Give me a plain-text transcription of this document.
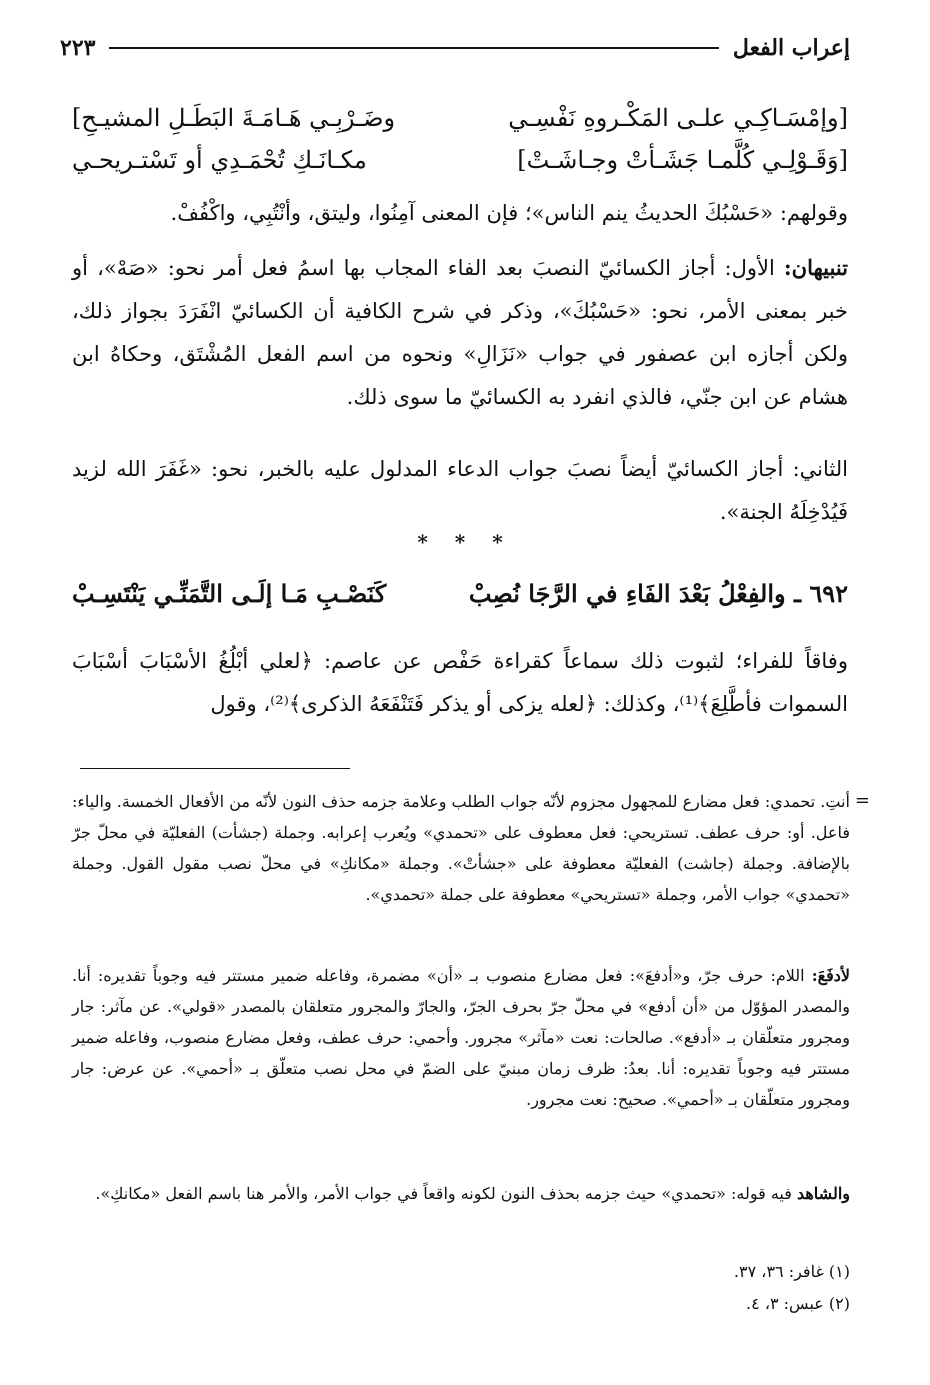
إعراب الفعل
٢٢٣
[وإمْسَـاكِـي علـى المَكْـروهِ نَفْسِـي
وضَـرْبِـي هَـامَـةَ البَطَـلِ المشيـحِ]
[وَقَـوْلِـي كُلَّمـا جَشَـأتْ وجـاشَـتْ]
مكـانَـكِ تُحْمَـدِي أو تَسْتـريحـي

وقولهم: «حَسْبُكَ الحديثُ ينم الناس»؛ فإن المعنى آمِنُوا، وليتق، وأنْتُبِي، واكْفُفْ.

تنبيهان: الأول: أجاز الكسائيّ النصبَ بعد الفاء المجاب بها اسمُ فعل أمر نحو: «صَهْ»، أو خبر بمعنى الأمر، نحو: «حَسْبُكَ»، وذكر في شرح الكافية أن الكسائيّ انْفَرَدَ بجواز ذلك، ولكن أجازه ابن عصفور في جواب «نَزَالِ» ونحوه من اسم الفعل المُشْتَق، وحكاهُ ابن هشام عن ابن جنّي، فالذي انفرد به الكسائيّ ما سوى ذلك.

الثاني: أجاز الكسائيّ أيضاً نصبَ جواب الدعاء المدلول عليه بالخبر، نحو: «غَفَرَ الله لزيد فَيُدْخِلَهُ الجنة».

* * *
٦٩٢ ـ والفِعْلُ بَعْدَ الفَاءِ في الرَّجَا نُصِبْ
كَنَصْـبِ مَـا إلَـى التَّمَنِّـي يَنْتَسِـبْ

وفاقاً للفراء؛ لثبوت ذلك سماعاً كقراءة حَفْص عن عاصم: ﴿لعلي أبْلُغُ الأسْبَابَ أسْبَابَ السموات فأطَّلِعَ﴾⁽¹⁾، وكذلك: ﴿لعله يزكى أو يذكر فَتَنْفَعَهُ الذكرى﴾⁽²⁾، وقول

=

أنتِ. تحمدي: فعل مضارع للمجهول مجزوم لأنّه جواب الطلب وعلامة جزمه حذف النون لأنّه من الأفعال الخمسة. والياء: فاعل. أو: حرف عطف. تستريحي: فعل معطوف على «تحمدي» ويُعرب إعرابه. وجملة (جشأت) الفعليّة في محلّ جرّ بالإضافة. وجملة (جاشت) الفعليّة معطوفة على «جشأتْ». وجملة «مكانكِ» في محلّ نصب مقول القول. وجملة «تحمدي» جواب الأمر، وجملة «تستريحي» معطوفة على جملة «تحمدي».

لأدفَعَ: اللام: حرف جرّ، و«أدفعَ»: فعل مضارع منصوب بـ «أن» مضمرة، وفاعله ضمير مستتر فيه وجوباً تقديره: أنا. والمصدر المؤوّل من «أن أدفع» في محلّ جرّ بحرف الجرّ، والجارّ والمجرور متعلقان بالمصدر «قولي». عن مآثر: جار ومجرور متعلّقان بـ «أدفع». صالحات: نعت «مآثر» مجرور. وأحمي: حرف عطف، وفعل مضارع منصوب، وفاعله ضمير مستتر فيه وجوباً تقديره: أنا. بعدُ: ظرف زمان مبنيّ على الضمّ في محل نصب متعلّق بـ «أحمي». عن عرض: جار ومجرور متعلّقان بـ «أحمي». صحيح: نعت مجرور.

والشاهد فيه قوله: «تحمدي» حيث جزمه بحذف النون لكونه واقعاً في جواب الأمر، والأمر هنا باسم الفعل «مكانكِ».

(١) غافر: ٣٦، ٣٧.

(٢) عبس: ٣، ٤.
